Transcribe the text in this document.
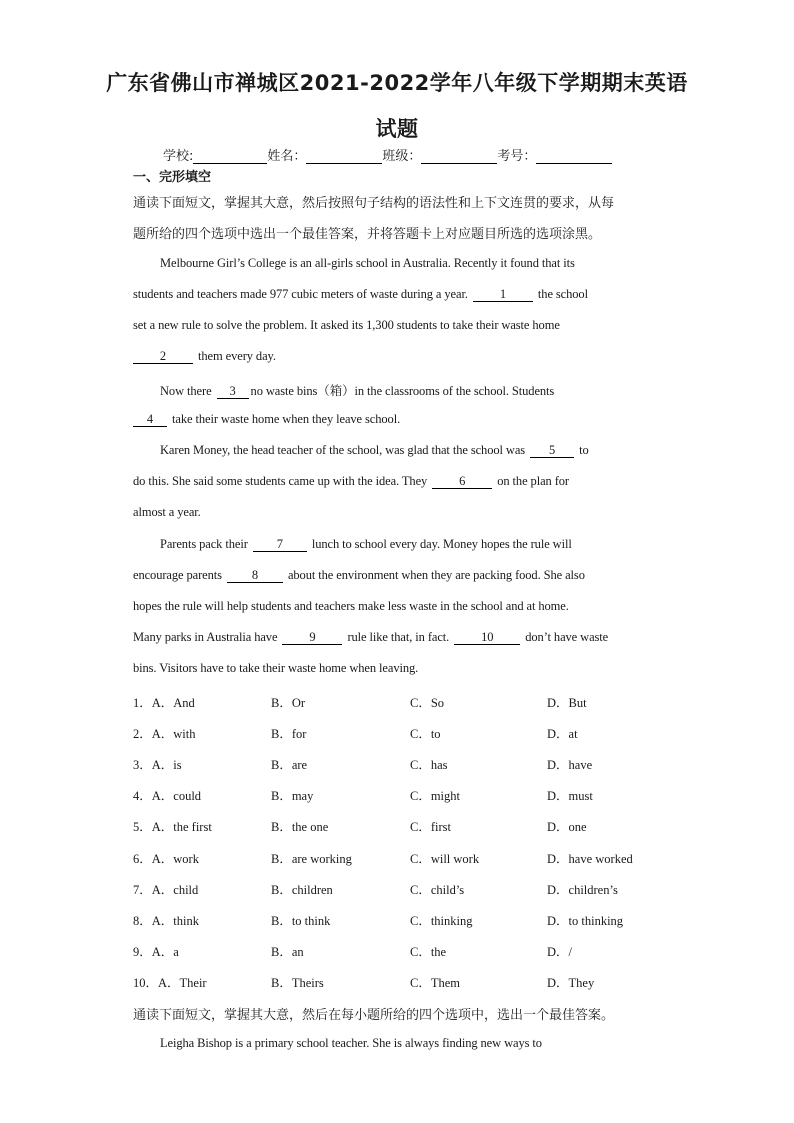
广东省佛山市禅城区2021-2022学年八年级下学期期末英语
试题
学校:	姓名：	班级：	考号：
一、完形填空
通读下面短文，掌握其大意，然后按照句子结构的语法性和上下文连贯的要求，从每
题所给的四个选项中选出一个最佳答案，并将答题卡上对应题目所选的选项涂黑。
Melbourne Girl’s College is an all-girls school in Australia. Recently it found that its
students and teachers made 977 cubic meters of waste during a year.	1	the school
set a new rule to solve the problem. It asked its 1,300 students to take their waste home
2	them every day.
Now there 3 no waste bins（箱）in the classrooms of the school. Students
4 take their waste home when they leave school.
Karen Money, the head teacher of the school, was glad that the school was 5 to
do this. She said some students came up with the idea. They	6	on the plan for
almost a year.
Parents pack their 7 lunch to school every day. Money hopes the rule will
encourage parents 8 about the environment when they are packing food. She also
hopes the rule will help students and teachers make less waste in the school and at home.
Many parks in Australia have	9	rule like that, in fact.	10	don’t have waste
bins. Visitors have to take their waste home when leaving.
1．A．And	B．Or	C．So	D．But
2．A．with	B．for	C．to	D．at
3．A．is	B．are	C．has	D．have
4．A．could	B．may	C．might	D．must
5．A．the first	B．the one	C．first	D．one
6．A．work	B．are working	C．will work	D．have worked
7．A．child	B．children	C．child’s	D．children’s
8．A．think	B．to think	C．thinking	D．to thinking
9．A．a	B．an	C．the	D．/
10．A．Their	B．Theirs	C．Them	D．They
通读下面短文，掌握其大意，然后在每小题所给的四个选项中，选出一个最佳答案。
Leigha Bishop is a primary school teacher. She is always finding new ways to
